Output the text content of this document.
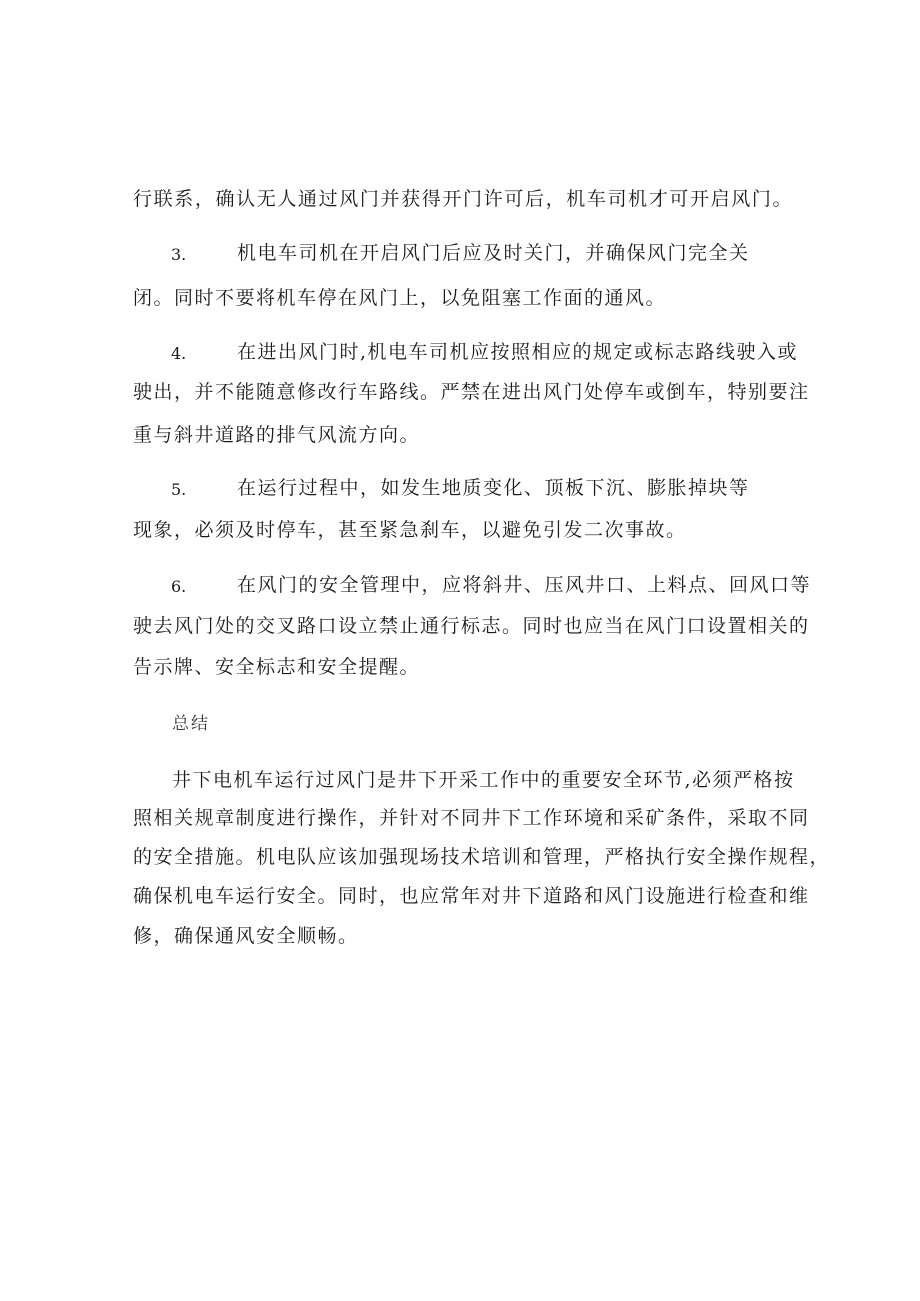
行联系，确认无人通过风门并获得开门许可后，机车司机才可开启风门。
3.	机电车司机在开启风门后应及时关门，并确保风门完全关
闭。同时不要将机车停在风门上，以免阻塞工作面的通风。
4.	在进出风门时,机电车司机应按照相应的规定或标志路线驶入或
驶出，并不能随意修改行车路线。严禁在进出风门处停车或倒车，特别要注
重与斜井道路的排气风流方向。
5.	在运行过程中，如发生地质变化、顶板下沉、膨胀掉块等
现象，必须及时停车，甚至紧急刹车，以避免引发二次事故。
6.	在风门的安全管理中，应将斜井、压风井口、上料点、回风口等
驶去风门处的交叉路口设立禁止通行标志。同时也应当在风门口设置相关的
告示牌、安全标志和安全提醒。
总结
井下电机车运行过风门是井下开采工作中的重要安全环节,必须严格按
照相关规章制度进行操作，并针对不同井下工作环境和采矿条件，采取不同
的安全措施。机电队应该加强现场技术培训和管理，严格执行安全操作规程，
确保机电车运行安全。同时，也应常年对井下道路和风门设施进行检查和维
修，确保通风安全顺畅。
